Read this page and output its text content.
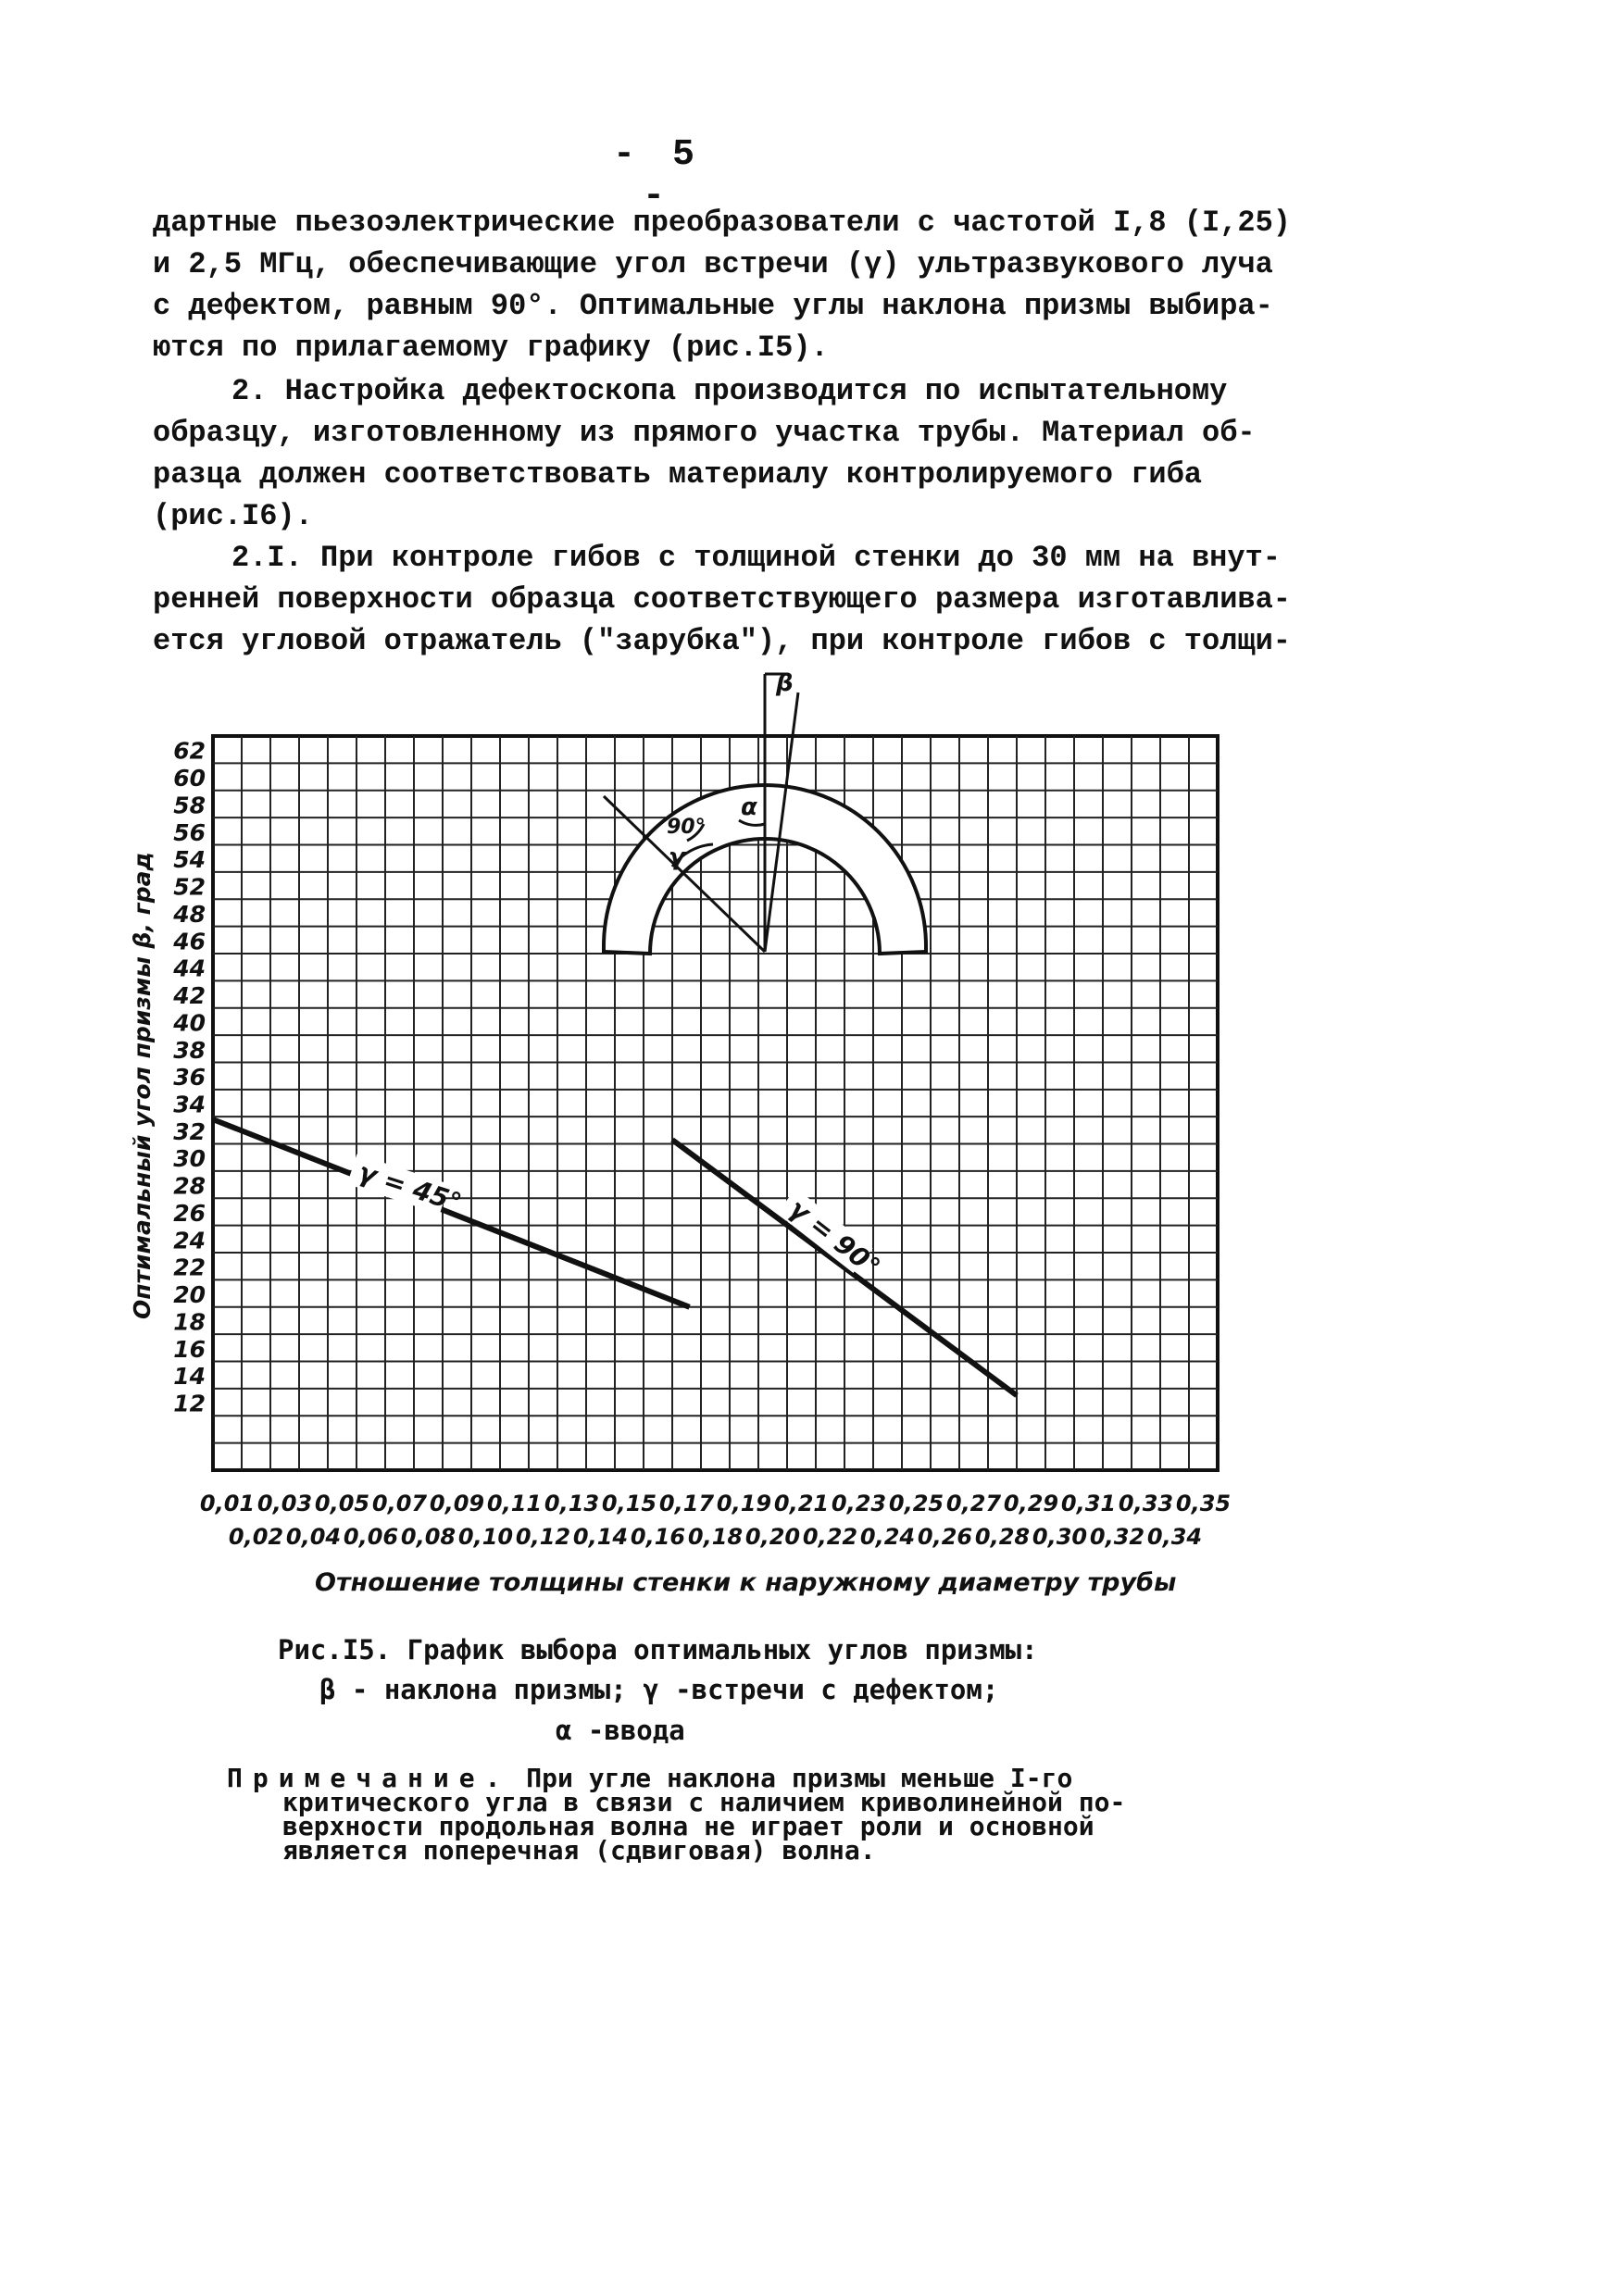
- 5 -
дартные пьезоэлектрические преобразователи с частотой I,8 (I,25)
и 2,5 МГц, обеспечивающие угол встречи (γ) ультразвукового луча
с дефектом, равным 90°. Оптимальные углы наклона призмы выбира-
ются по прилагаемому графику (рис.I5).
2. Настройка дефектоскопа производится по испытательному
образцу, изготовленному из прямого участка трубы. Материал об-
разца должен соответствовать материалу контролируемого гиба
(рис.I6).
2.I. При контроле гибов с толщиной стенки до 30 мм на внут-
ренней поверхности образца соответствующего размера изготавлива-
ется угловой отражатель ("зарубка"), при контроле гибов с толщи-
γ = 45°
γ = 90°
62
60
58
56
54
52
48
46
44
42
40
38
36
34
32
30
28
26
24
22
20
18
16
14
12
0,01 0,03 0,05 0,07 0,09 0,11 0,13 0,15 0,17 0,19 0,21 0,23 0,25 0,27 0,29 0,31 0,33 0,35
0,02 0,04 0,06 0,08 0,10 0,12 0,14 0,16 0,18 0,20 0,22 0,24 0,26 0,28 0,30 0,32 0,34
Оптимальный угол призмы β, град
Отношение толщины стенки к наружному диаметру трубы
β
α
90°
γ
Рис.I5. График выбора оптимальных углов призмы:
β - наклона призмы; γ -встречи с дефектом;
α -ввода
Примечание. При угле наклона призмы меньше I-го
критического угла в связи с наличием криволинейной по-
верхности продольная волна не играет роли и основной
является поперечная (сдвиговая) волна.
